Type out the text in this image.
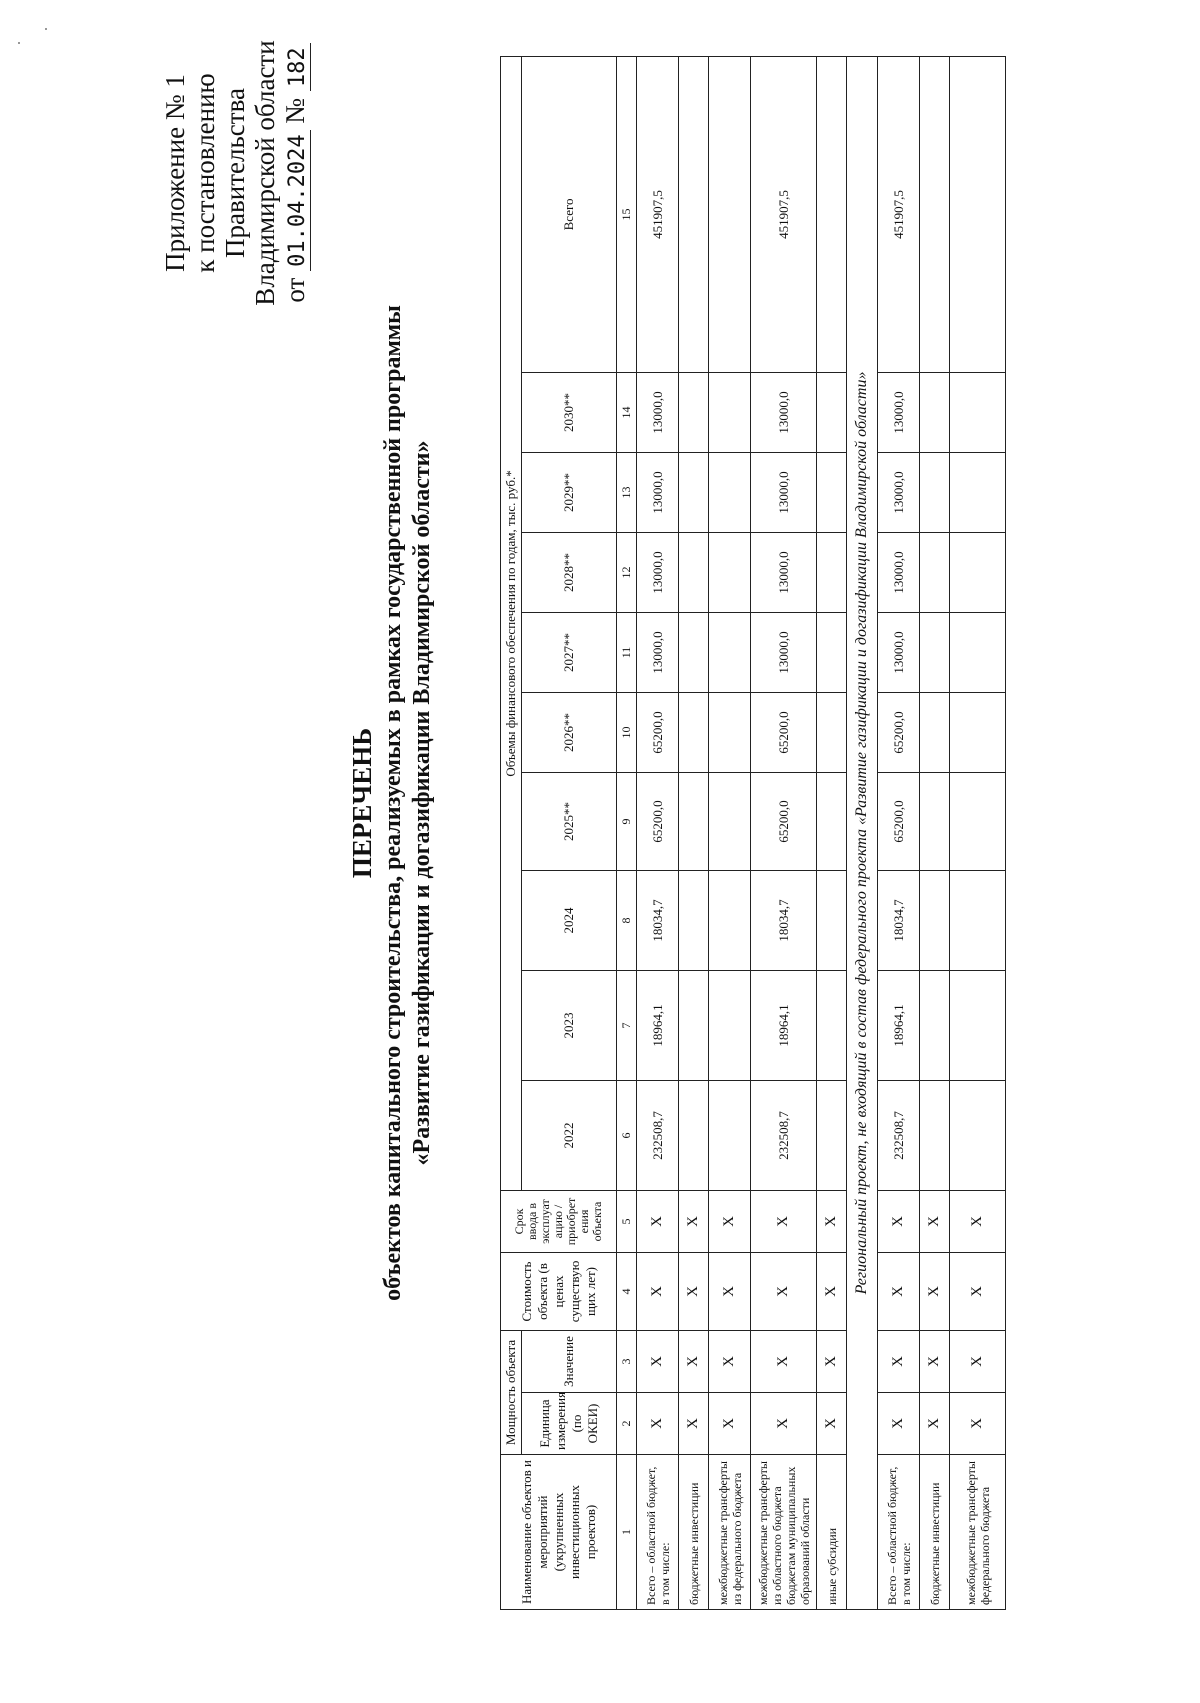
Приложение № 1 к постановлению Правительства Владимирской области от 01.04.2024 № 182
ПЕРЕЧЕНЬ объектов капитального строительства, реализуемых в рамках государственной программы «Развитие газификации и догазификации Владимирской области»
Наименование объектов и мероприятий (укрупненных инвестиционных проектов)	Мощность объекта		Стоимость объекта (в ценах существую щих лет)	Срок ввода в эксплуат ацию / приобрет ения объекта	Объемы финансового обеспечения по годам, тыс. руб.*									
	Единица измерения (по ОКЕИ)	Значение			2022	2023	2024	2025**	2026**	2027**	2028**	2029**	2030**	Всего
1	2	3	4	5	6	7	8	9	10	11	12	13	14	15
Всего – областной бюджет, в том числе:	X	X	X	X	232508,7	18964,1	18034,7	65200,0	65200,0	13000,0	13000,0	13000,0	13000,0	451907,5
бюджетные инвестиции	X	X	X	X										
межбюджетные трансферты из федерального бюджета	X	X	X	X										
межбюджетные трансферты из областного бюджета бюджетам муниципальных образований области	X	X	X	X	232508,7	18964,1	18034,7	65200,0	65200,0	13000,0	13000,0	13000,0	13000,0	451907,5
иные субсидии	X	X	X	X										
Региональный проект, не входящий в состав федерального проекта «Развитие газификации и догазификации Владимирской области»														
Всего – областной бюджет, в том числе:	X	X	X	X	232508,7	18964,1	18034,7	65200,0	65200,0	13000,0	13000,0	13000,0	13000,0	451907,5
бюджетные инвестиции	X	X	X	X										
межбюджетные трансферты федерального бюджета	X	X	X	X										
